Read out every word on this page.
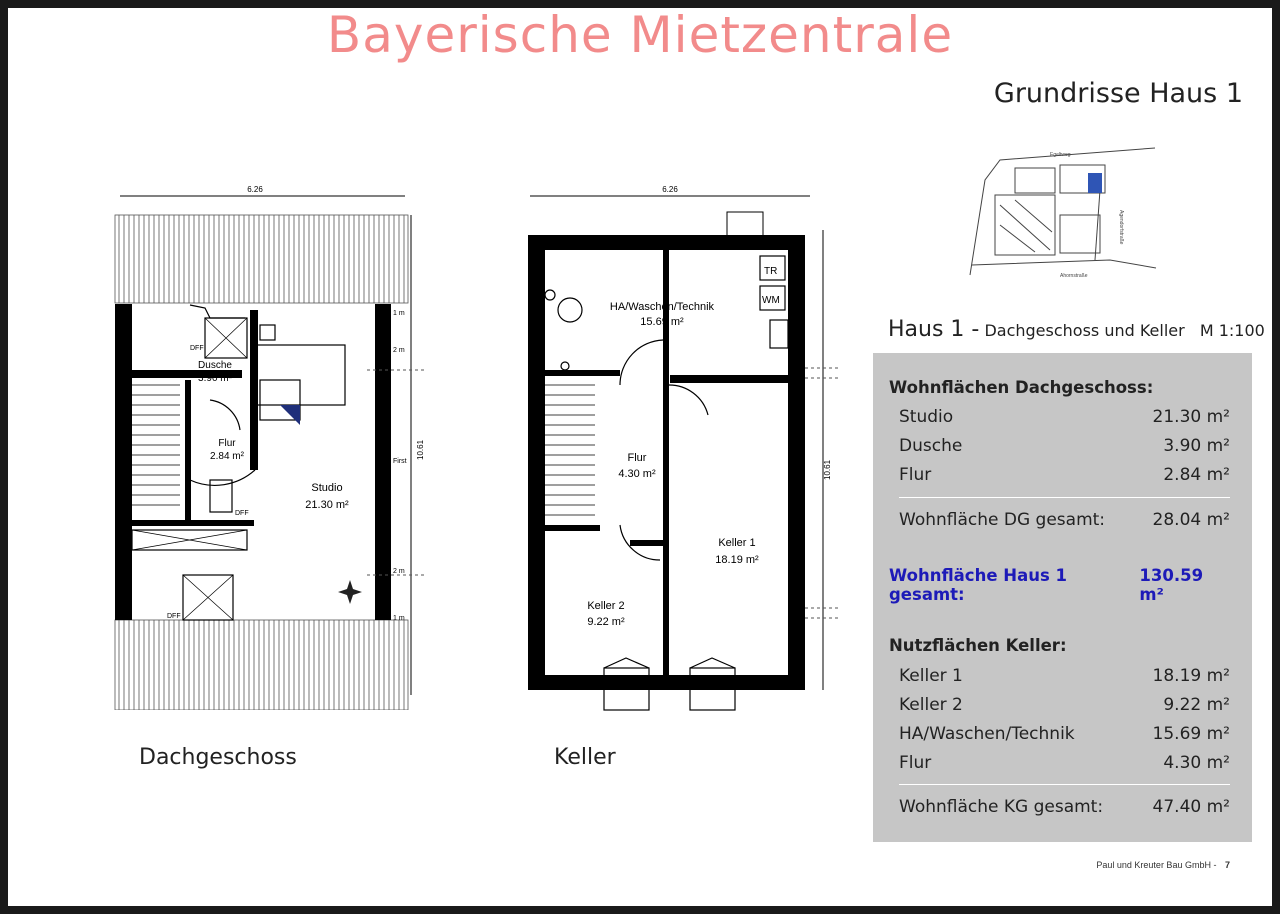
Bayerische Mietzentrale
Grundrisse Haus 1
Egeltweg
Agendorfstraße
Ahornstraße
6.26
1 m
2 m
First
2 m
1 m
10.61
DFF
DFF
DFF
Dusche
3.90 m²
Flur
2.84 m²
Studio
21.30 m²
Dachgeschoss
6.26
TR
WM
10.61
HA/Waschen/Technik
15.69 m²
Flur
4.30 m²
Keller 1
18.19 m²
Keller 2
9.22 m²
Keller
Haus 1 - Dachgeschoss und Keller M 1:100
Wohnflächen Dachgeschoss:
Studio	21.30 m²
Dusche	3.90 m²
Flur	2.84 m²
Wohnfläche DG gesamt:	28.04 m²
Wohnfläche Haus 1 gesamt:
130.59 m²
Nutzflächen Keller:
Keller 1	18.19 m²
Keller 2	9.22 m²
HA/Waschen/Technik	15.69 m²
Flur	4.30 m²
Wohnfläche KG gesamt:	47.40 m²
Paul und Kreuter Bau GmbH - 7
